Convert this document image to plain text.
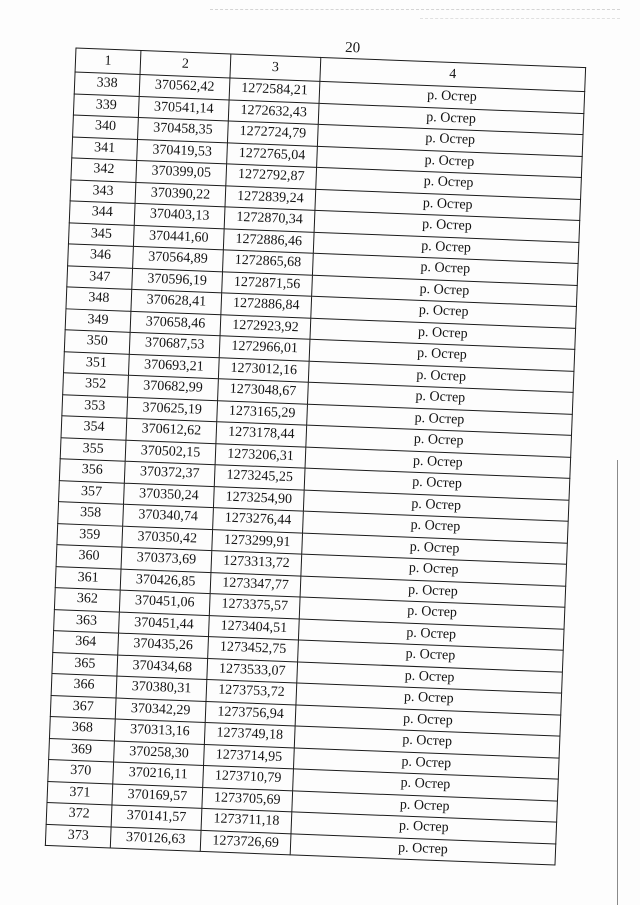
20
1	2	3	4
338	370562,42	1272584,21	р. Остер
339	370541,14	1272632,43	р. Остер
340	370458,35	1272724,79	р. Остер
341	370419,53	1272765,04	р. Остер
342	370399,05	1272792,87	р. Остер
343	370390,22	1272839,24	р. Остер
344	370403,13	1272870,34	р. Остер
345	370441,60	1272886,46	р. Остер
346	370564,89	1272865,68	р. Остер
347	370596,19	1272871,56	р. Остер
348	370628,41	1272886,84	р. Остер
349	370658,46	1272923,92	р. Остер
350	370687,53	1272966,01	р. Остер
351	370693,21	1273012,16	р. Остер
352	370682,99	1273048,67	р. Остер
353	370625,19	1273165,29	р. Остер
354	370612,62	1273178,44	р. Остер
355	370502,15	1273206,31	р. Остер
356	370372,37	1273245,25	р. Остер
357	370350,24	1273254,90	р. Остер
358	370340,74	1273276,44	р. Остер
359	370350,42	1273299,91	р. Остер
360	370373,69	1273313,72	р. Остер
361	370426,85	1273347,77	р. Остер
362	370451,06	1273375,57	р. Остер
363	370451,44	1273404,51	р. Остер
364	370435,26	1273452,75	р. Остер
365	370434,68	1273533,07	р. Остер
366	370380,31	1273753,72	р. Остер
367	370342,29	1273756,94	р. Остер
368	370313,16	1273749,18	р. Остер
369	370258,30	1273714,95	р. Остер
370	370216,11	1273710,79	р. Остер
371	370169,57	1273705,69	р. Остер
372	370141,57	1273711,18	р. Остер
373	370126,63	1273726,69	р. Остер
